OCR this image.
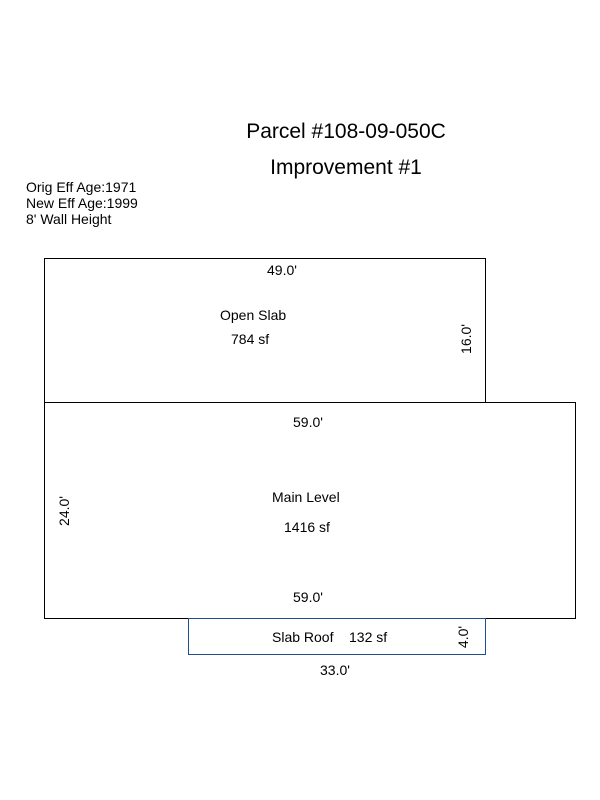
Parcel #108-09-050C
Improvement #1
Orig Eff Age:1971
New Eff Age:1999
8' Wall Height
49.0'
Open Slab
784 sf	16.0'
59.0'
Main Level
1416 sf
24.0'
59.0'
Slab Roof 132 sf	4.0'
33.0'
